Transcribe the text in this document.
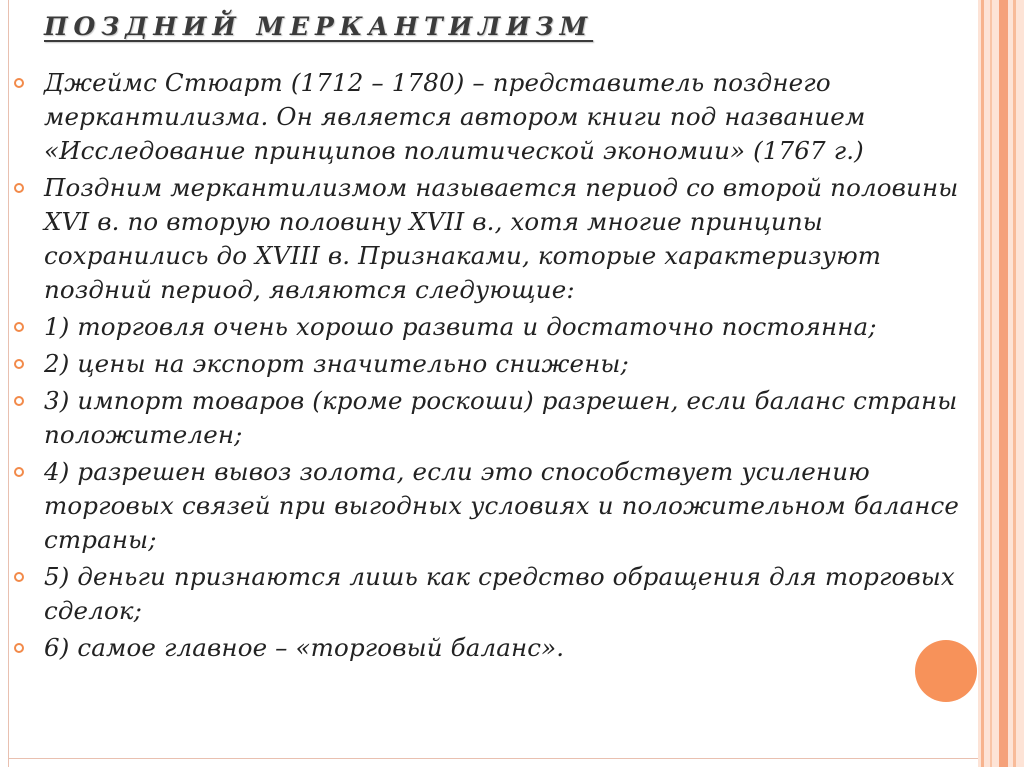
ПОЗДНИЙ МЕРКАНТИЛИЗМ
Джеймс Стюарт (1712 – 1780) – представитель позднего меркантилизма. Он является автором книги под названием «Исследование принципов политической экономии» (1767 г.)
Поздним меркантилизмом называется период со второй половины XVI в. по вторую половину XVII в., хотя многие принципы сохранились до XVIII в. Признаками, которые характеризуют поздний период, являются следующие:
1) торговля очень хорошо развита и достаточно постоянна;
2) цены на экспорт значительно снижены;
3) импорт товаров (кроме роскоши) разрешен, если баланс страны положителен;
4) разрешен вывоз золота, если это способствует усилению торговых связей при выгодных условиях и положительном балансе страны;
5) деньги признаются лишь как средство обращения для торговых сделок;
6) самое главное – «торговый баланс».
